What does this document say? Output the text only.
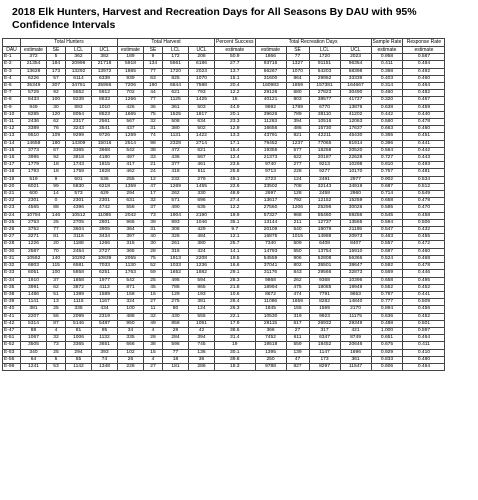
2018 Elk Hunters, Harvest and Recreation Days for All Seasons By DAU with 95% Confidence Intervals
	Total Hunters				Total Harvest				Percent Success	Total Recreation Days				Sample Rate	Response Rate
DAU	estimate	SE	LCL	UCL	estimate	SE	LCL	UCL	estimate	estimate	SE	LCL	UCL	estimate	estimate
E-1	372	5	362	382	189	9	172	208	50.9	1866	77	1720	2023	0.958	0.587
E-2	21354	184	20996	21718	5918	134	5661	6186	27.7	93716	1327	91151	96354	0.411	0.484
E-3	13628	173	13292	13972	1865	77	1720	2023	13.7	66267	1070	64203	68398	0.368	0.492
E-4	6226	57	6114	6339	939	63	825	1070	15.1	31600	864	29952	33339	0.403	0.460
E-6	35349	307	34751	35956	7206	190	6844	7588	20.4	160983	1859	157381	164667	0.314	0.464
E-7	5729	92	5552	5912	702	44	621	793	12.2	29126	680	27823	30490	0.460	0.482
E-8	8433	100	8239	8633	1266	77	1125	1425	15	40121	803	38577	41727	0.320	0.467
E-9	949	30	893	1010	426	36	361	503	44.9	9692	1789	6770	13876	0.638	0.459
E-10	8285	120	8054	8523	1665	75	1525	1817	20.1	39626	789	38110	41202	0.442	0.440
E-11	2436	62	2317	2561	567	32	508	634	23.3	11263	394	10516	12063	0.560	0.478
E-12	3389	76	3243	3541	437	31	380	502	12.9	16656	486	15730	17637	0.663	0.460
E-13	9510	109	9299	9726	1269	74	1131	1422	13.3	43791	821	42211	45430	0.365	0.451
E-14	14658	180	14309	15016	2514	98	2328	2714	17.1	79452	1237	77065	81914	0.396	0.441
E-15	3773	67	3365	3668	542	38	472	621	15.4	19355	577	18258	20520	0.564	0.442
E-16	3995	92	3818	4180	497	33	436	567	12.4	21373	622	20187	22628	0.727	0.443
E-17	1779	18	1743	1815	417	21	377	461	23.5	9740	277	9213	10298	0.810	0.493
E-18	1793	18	1759	1828	462	24	418	511	25.8	9713	228	9277	10170	0.757	0.481
E-19	519	9	501	536	255	12	232	279	49.1	2723	124	2491	2977	0.902	0.534
E-20	6021	99	5830	6218	1359	47	1269	1455	22.6	33502	708	32143	34919	0.687	0.512
E-21	600	14	573	629	294	17	262	330	48.9	2697	128	2458	2960	0.714	0.549
E-22	2301	0	2301	2301	631	32	571	696	27.4	13617	792	12152	15259	0.658	0.478
E-23	4565	88	4396	4742	558	37	490	635	12.2	27560	1206	25296	30026	0.585	0.470
E-24	10794	146	10512	11085	2042	73	1904	2190	18.9	57327	968	55460	59256	0.545	0.458
E-25	2753	25	2705	2801	966	39	893	1046	35.1	13144	211	12737	13565	0.594	0.506
E-26	3752	77	3604	3905	364	31	308	429	9.7	20109	540	19079	21195	0.547	0.432
E-27	3271	81	3116	3434	397	40	326	484	12.1	16875	1015	14988	20973	0.463	0.455
E-28	1226	20	1188	1266	315	30	261	380	25.7	7340	509	6408	8407	0.557	0.472
E-30	2587	70	2454	2727	365	28	315	424	14.1	14793	550	13754	15910	0.697	0.460
E-31	10562	140	10292	10839	2055	75	1913	2208	19.5	54559	906	52808	56366	0.524	0.468
E-32	6803	115	6581	7033	1130	52	1033	1236	16.6	37041	802	35501	38647	0.592	0.478
E-33	6051	100	5858	6251	1763	59	1652	1882	29.1	31176	843	29566	32873	0.569	0.446
E-34	1910	37	1858	1977	542	25	495	594	28.3	9868	262	9368	10396	0.658	0.495
E-35	3991	62	3872	4113	871	45	786	965	21.8	18994	475	18085	19949	0.552	0.452
E-38	1486	51	1389	1589	158	16	129	193	10.6	8672	474	7791	9653	0.797	0.441
E-39	1141	13	1115	1167	324	27	275	381	28.4	11086	1659	8282	14840	0.777	0.509
E-40	381	25	335	434	100	11	80	124	26.3	1845	155	1569	2170	0.894	0.456
E-41	2207	56	2099	2319	488	32	430	555	22.1	10530	319	9923	11175	0.636	0.452
E-42	5314	87	5146	5487	950	49	858	1051	17.9	28115	617	26932	29349	0.488	0.501
E-47	88	4	81	95	34	4	28	42	38.6	366	27	317	421	1.000	0.597
E-51	1067	32	1006	1132	335	28	284	394	31.4	7452	611	6347	8749	0.651	0.464
E-52	3505	73	3365	3651	666	38	596	745	19	19518	559	18452	20646	0.675	0.411
E-53	340	25	294	393	102	15	77	136	30.1	1395	139	1147	1696	0.929	0.410
E-55	64	5	55	74	26	4	18	36	39.8	250	47	173	361	0.833	0.480
E-99	1241	53	1142	1348	228	27	181	286	18.3	9788	827	8297	11547	0.606	0.464
